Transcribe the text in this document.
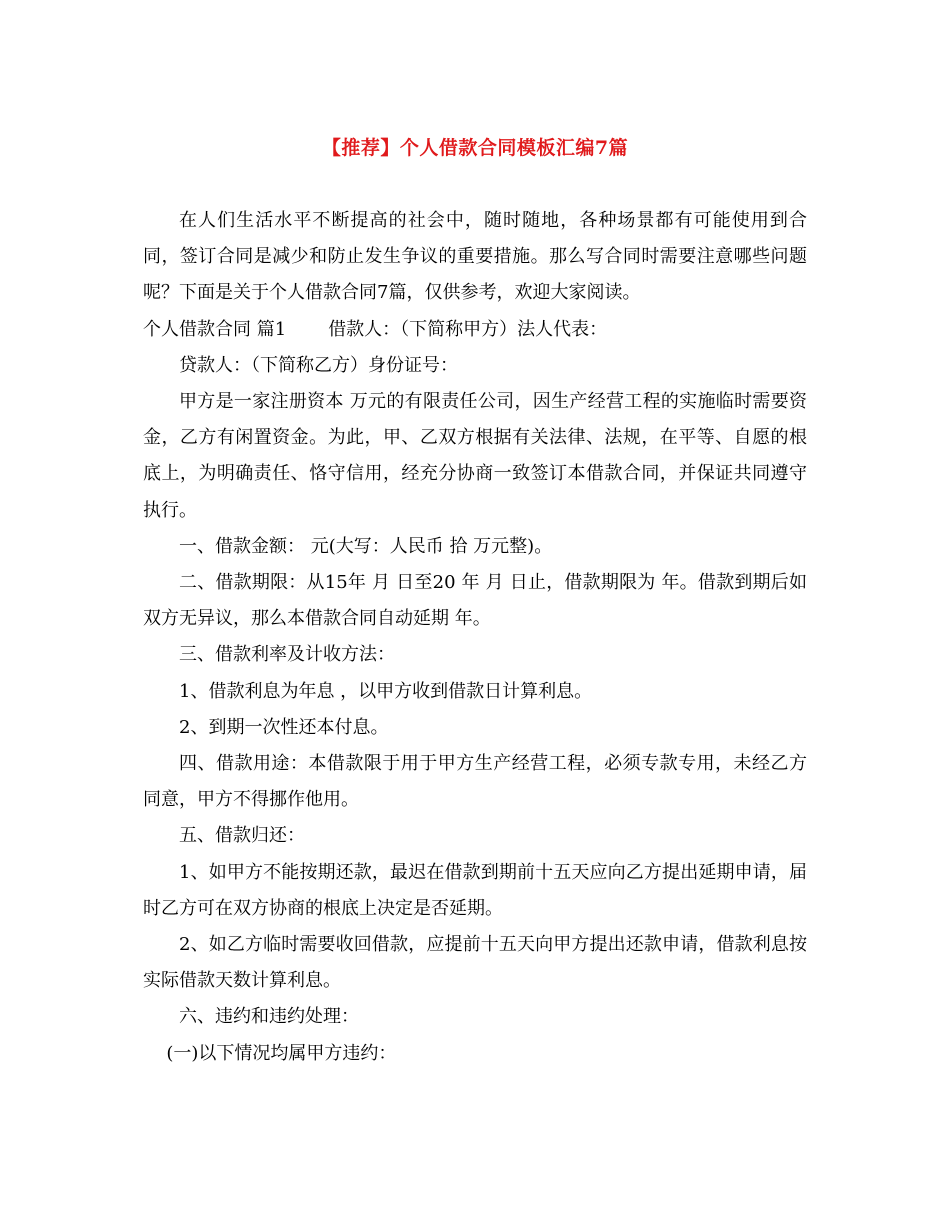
【推荐】个人借款合同模板汇编7篇

在人们生活水平不断提高的社会中，随时随地，各种场景都有可能使用到合同，签订合同是减少和防止发生争议的重要措施。那么写合同时需要注意哪些问题呢？下面是关于个人借款合同7篇，仅供参考，欢迎大家阅读。

个人借款合同 篇1 借款人：（下简称甲方）法人代表：

贷款人：（下简称乙方）身份证号：

甲方是一家注册资本 万元的有限责任公司，因生产经营工程的实施临时需要资金，乙方有闲置资金。为此，甲、乙双方根据有关法律、法规，在平等、自愿的根底上，为明确责任、恪守信用，经充分协商一致签订本借款合同，并保证共同遵守执行。

一、借款金额： 元(大写：人民币 拾 万元整)。

二、借款期限：从15年 月 日至20 年 月 日止，借款期限为 年。借款到期后如双方无异议，那么本借款合同自动延期 年。

三、借款利率及计收方法：

1、借款利息为年息 ，以甲方收到借款日计算利息。

2、到期一次性还本付息。

四、借款用途：本借款限于用于甲方生产经营工程，必须专款专用，未经乙方同意，甲方不得挪作他用。

五、借款归还：

1、如甲方不能按期还款，最迟在借款到期前十五天应向乙方提出延期申请，届时乙方可在双方协商的根底上决定是否延期。

2、如乙方临时需要收回借款，应提前十五天向甲方提出还款申请，借款利息按实际借款天数计算利息。

六、违约和违约处理：

(一)以下情况均属甲方违约：
